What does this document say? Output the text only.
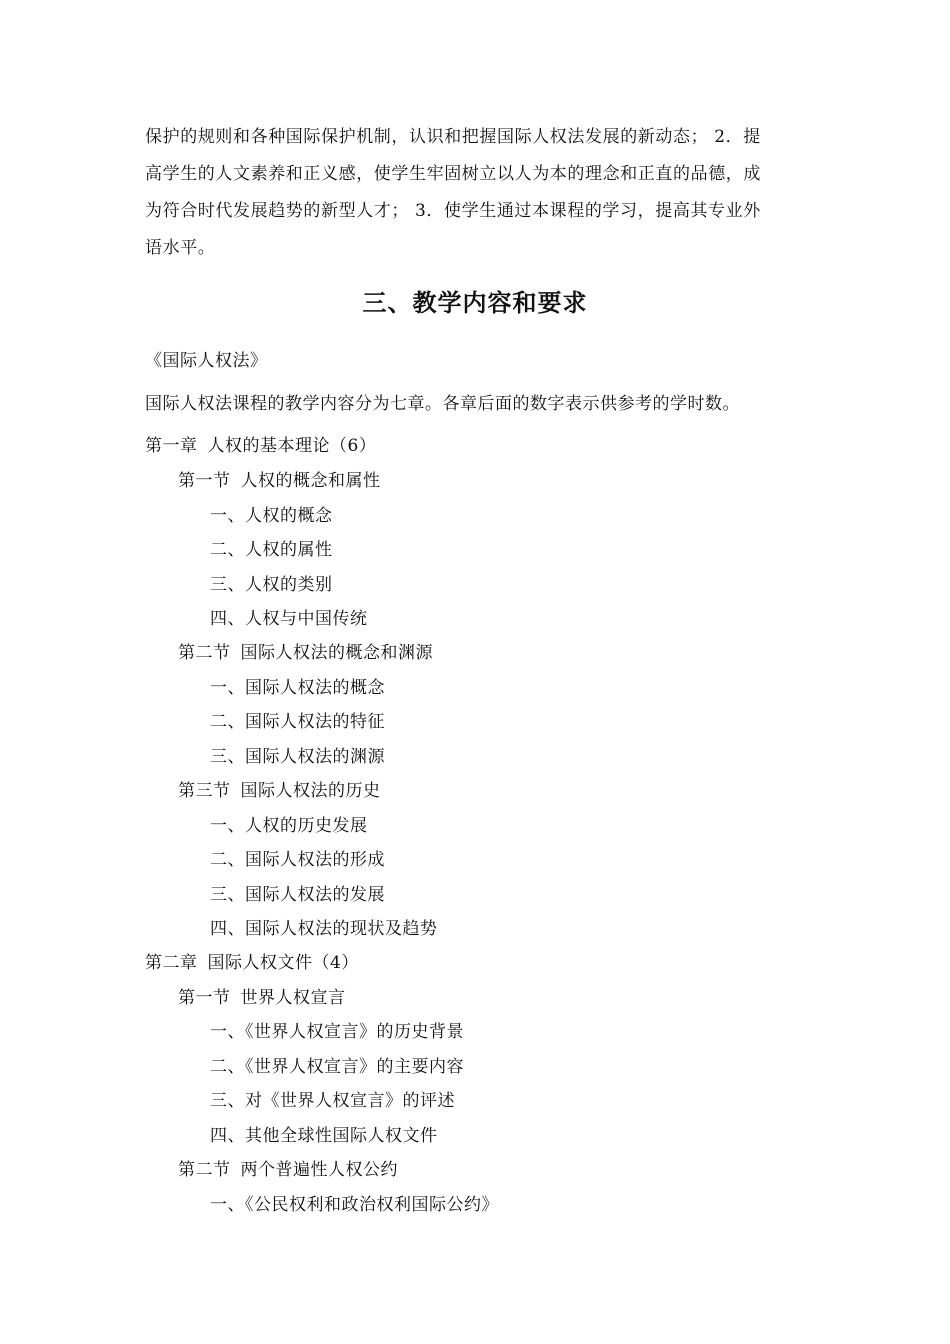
保护的规则和各种国际保护机制，认识和把握国际人权法发展的新动态； 2．提
高学生的人文素养和正义感，使学生牢固树立以人为本的理念和正直的品德，成
为符合时代发展趋势的新型人才； 3．使学生通过本课程的学习，提高其专业外
语水平。
三、教学内容和要求
《国际人权法》
国际人权法课程的教学内容分为七章。各章后面的数字表示供参考的学时数。
第一章 人权的基本理论（6）
第一节 人权的概念和属性
一、人权的概念
二、人权的属性
三、人权的类别
四、人权与中国传统
第二节 国际人权法的概念和渊源
一、国际人权法的概念
二、国际人权法的特征
三、国际人权法的渊源
第三节 国际人权法的历史
一、人权的历史发展
二、国际人权法的形成
三、国际人权法的发展
四、国际人权法的现状及趋势
第二章 国际人权文件（4）
第一节 世界人权宣言
一、《世界人权宣言》的历史背景
二、《世界人权宣言》的主要内容
三、对《世界人权宣言》的评述
四、其他全球性国际人权文件
第二节 两个普遍性人权公约
一、《公民权利和政治权利国际公约》
